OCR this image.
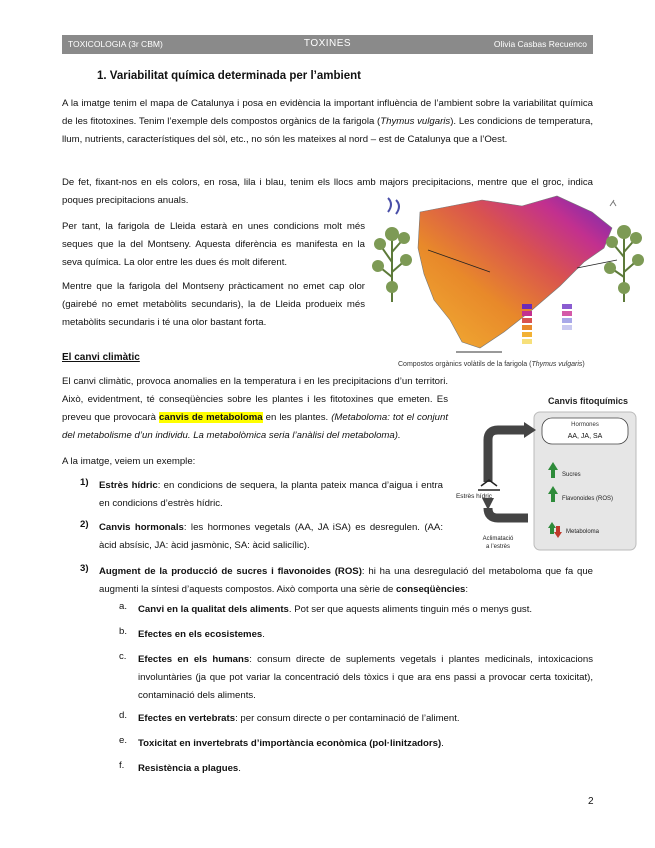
TOXICOLOGIA (3r CBM)	TOXINES	Olivia Casbas Recuenco
1. Variabilitat química determinada per l’ambient
A la imatge tenim el mapa de Catalunya i posa en evidència la important influència de l’ambient sobre la variabilitat química de les fitotoxines. Tenim l’exemple dels compostos orgànics de la farigola (Thymus vulgaris). Les condicions de temperatura, llum, nutrients, característiques del sòl, etc., no són les mateixes al nord – est de Catalunya que a l’Oest.
De fet, fixant-nos en els colors, en rosa, lila i blau, tenim els llocs amb majors precipitacions, mentre que el groc, indica poques precipitacions anuals.
Per tant, la farigola de Lleida estarà en unes condicions molt més seques que la del Montseny. Aquesta diferència es manifesta en la seva química. La olor entre les dues és molt diferent.
Mentre que la farigola del Montseny pràcticament no emet cap olor (gairebé no emet metabòlits secundaris), la de Lleida produeix més metabòlits secundaris i té una olor bastant forta.
Compostos orgànics volàtils de la farigola (Thymus vulgaris)
El canvi climàtic
El canvi climàtic, provoca anomalies en la temperatura i en les precipitacions d’un territori. Això, evidentment, té conseqüències sobre les plantes i les fitotoxines que emeten. Es preveu que provocarà canvis de metaboloma en les plantes. (Metaboloma: tot el conjunt del metabolisme d’un individu. La metabolòmica seria l’anàlisi del metaboloma).
A la imatge, veiem un exemple:
1) Estrès hídric: en condicions de sequera, la planta pateix manca d’aigua i entra en condicions d’estrès hídric.
2) Canvis hormonals: les hormones vegetals (AA, JA iSA) es desregulen. (AA: àcid absísic, JA: àcid jasmònic, SA: àcid salicílic).
3) Augment de la producció de sucres i flavonoides (ROS): hi ha una desregulació del metaboloma que fa que augmenti la síntesi d’aquests compostos. Això comporta una sèrie de conseqüències:
a. Canvi en la qualitat dels aliments. Pot ser que aquests aliments tinguin més o menys gust.
b. Efectes en els ecosistemes.
c. Efectes en els humans: consum directe de suplements vegetals i plantes medicinals, intoxicacions involuntàries (ja que pot variar la concentració dels tòxics i que ara ens passi a provocar certa toxicitat), contaminació dels aliments.
d. Efectes en vertebrats: per consum directe o per contaminació de l’aliment.
e. Toxicitat en invertebrats d’importància econòmica (pol·linitzadors).
f. Resistència a plagues.
Canvis fitoquímics
Hormones
AA, JA, SA
Sucres
Flavonoides (ROS)
Metaboloma
Estrès hídric
Aclimatació
a l’estrès
2
